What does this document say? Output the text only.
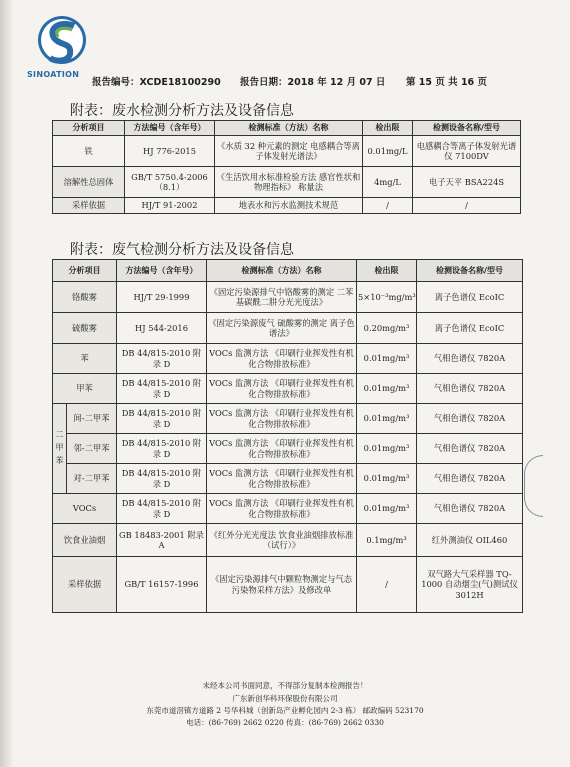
SINOATION
报告编号：XCDE18100290 报告日期：2018 年 12 月 07 日 第 15 页 共 16 页
附表：废水检测分析方法及设备信息
分析项目	方法编号（含年号）	检测标准（方法）名称	检出限	检测设备名称/型号
铁	HJ 776-2015	《水质 32 种元素的测定 电感耦合等离子体发射光谱法》	0.01mg/L	电感耦合等离子体发射光谱仪 7100DV
溶解性总固体	GB/T 5750.4-2006（8.1）	《生活饮用水标准检验方法 感官性状和物理指标》 称量法	4mg/L	电子天平 BSA224S
采样依据	HJ/T 91-2002	地表水和污水监测技术规范	/	/
附表：废气检测分析方法及设备信息
分析项目		方法编号（含年号）	检测标准（方法）名称	检出限	检测设备名称/型号
铬酸雾		HJ/T 29-1999	《固定污染源排气中铬酸雾的测定 二苯基碳酰二肼分光光度法》	5×10⁻³mg/m³	离子色谱仪 EcoIC
硫酸雾		HJ 544-2016	《固定污染源废气 硫酸雾的测定 离子色谱法》	0.20mg/m³	离子色谱仪 EcoIC
苯		DB 44/815-2010 附录 D	VOCs 监测方法 《印刷行业挥发性有机化合物排放标准》	0.01mg/m³	气相色谱仪 7820A
甲苯		DB 44/815-2010 附录 D	VOCs 监测方法 《印刷行业挥发性有机化合物排放标准》	0.01mg/m³	气相色谱仪 7820A
二甲苯	间-二甲苯	DB 44/815-2010 附录 D	VOCs 监测方法 《印刷行业挥发性有机化合物排放标准》	0.01mg/m³	气相色谱仪 7820A
	邻-二甲苯	DB 44/815-2010 附录 D	VOCs 监测方法 《印刷行业挥发性有机化合物排放标准》	0.01mg/m³	气相色谱仪 7820A
	对-二甲苯	DB 44/815-2010 附录 D	VOCs 监测方法 《印刷行业挥发性有机化合物排放标准》	0.01mg/m³	气相色谱仪 7820A
VOCs		DB 44/815-2010 附录 D	VOCs 监测方法 《印刷行业挥发性有机化合物排放标准》	0.01mg/m³	气相色谱仪 7820A
饮食业油烟		GB 18483-2001 附录A	《红外分光光度法 饮食业油烟排放标准（试行）》	0.1mg/m³	红外测油仪 OIL460
采样依据		GB/T 16157-1996	《固定污染源排气中颗粒物测定与气态污染物采样方法》及修改单	/	双气路大气采样器 TQ-1000 自动烟尘(气)测试仪 3012H
未经本公司书面同意，不得部分复制本检测报告！
广东新创华科环保股份有限公司
东莞市道滘镇方道路 2 号华科城（创新岛产业孵化园内 2-3 栋） 邮政编码 523170
电话：(86-769) 2662 0220 传真：(86-769) 2662 0330
